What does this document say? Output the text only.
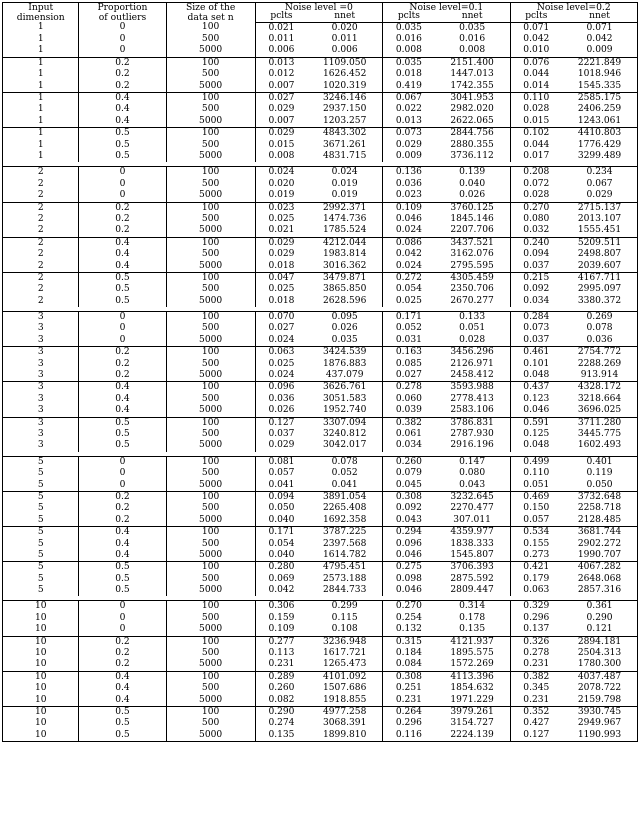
Input
dimension

Proportion
of outliers

Size of the
data set n
	Noise level =0	Noise level=0.1	Noise level=0.2
			pclts	nnet	pclts	nnet	pclts	nnet
1	0	100	0.021	0.020	0.035	0.035	0.071	0.071
1	0	500	0.011	0.011	0.016	0.016	0.042	0.042
1	0	5000	0.006	0.006	0.008	0.008	0.010	0.009
1	0.2	100	0.013	1109.050	0.035	2151.400	0.076	2221.849
1	0.2	500	0.012	1626.452	0.018	1447.013	0.044	1018.946
1	0.2	5000	0.007	1020.319	0.419	1742.355	0.014	1545.335
1	0.4	100	0.027	3246.146	0.067	3041.953	0.110	2585.175
1	0.4	500	0.029	2937.150	0.022	2982.020	0.028	2406.259
1	0.4	5000	0.007	1203.257	0.013	2622.065	0.015	1243.061
1	0.5	100	0.029	4843.302	0.073	2844.756	0.102	4410.803
1	0.5	500	0.015	3671.261	0.029	2880.355	0.044	1776.429
1	0.5	5000	0.008	4831.715	0.009	3736.112	0.017	3299.489

2	0	100	0.024	0.024	0.136	0.139	0.208	0.234
2	0	500	0.020	0.019	0.036	0.040	0.072	0.067
2	0	5000	0.019	0.019	0.023	0.026	0.028	0.029
2	0.2	100	0.023	2992.371	0.109	3760.125	0.270	2715.137
2	0.2	500	0.025	1474.736	0.046	1845.146	0.080	2013.107
2	0.2	5000	0.021	1785.524	0.024	2207.706	0.032	1555.451
2	0.4	100	0.029	4212.044	0.086	3437.521	0.240	5209.511
2	0.4	500	0.029	1983.814	0.042	3162.076	0.094	2498.807
2	0.4	5000	0.018	3016.362	0.024	2795.595	0.037	2039.607
2	0.5	100	0.047	3479.871	0.272	4305.459	0.215	4167.711
2	0.5	500	0.025	3865.850	0.054	2350.706	0.092	2995.097
2	0.5	5000	0.018	2628.596	0.025	2670.277	0.034	3380.372

3	0	100	0.070	0.095	0.171	0.133	0.284	0.269
3	0	500	0.027	0.026	0.052	0.051	0.073	0.078
3	0	5000	0.024	0.035	0.031	0.028	0.037	0.036
3	0.2	100	0.063	3424.539	0.163	3456.296	0.461	2754.772
3	0.2	500	0.025	1876.883	0.085	2126.971	0.101	2288.269
3	0.2	5000	0.024	437.079	0.027	2458.412	0.048	913.914
3	0.4	100	0.096	3626.761	0.278	3593.988	0.437	4328.172
3	0.4	500	0.036	3051.583	0.060	2778.413	0.123	3218.664
3	0.4	5000	0.026	1952.740	0.039	2583.106	0.046	3696.025
3	0.5	100	0.127	3307.094	0.382	3786.831	0.591	3711.280
3	0.5	500	0.037	3240.812	0.061	2787.930	0.125	3445.775
3	0.5	5000	0.029	3042.017	0.034	2916.196	0.048	1602.493

5	0	100	0.081	0.078	0.260	0.147	0.499	0.401
5	0	500	0.057	0.052	0.079	0.080	0.110	0.119
5	0	5000	0.041	0.041	0.045	0.043	0.051	0.050
5	0.2	100	0.094	3891.054	0.308	3232.645	0.469	3732.648
5	0.2	500	0.050	2265.408	0.092	2270.477	0.150	2258.718
5	0.2	5000	0.040	1692.358	0.043	307.011	0.057	2128.485
5	0.4	100	0.171	3787.225	0.294	4359.977	0.534	3681.744
5	0.4	500	0.054	2397.568	0.096	1838.333	0.155	2902.272
5	0.4	5000	0.040	1614.782	0.046	1545.807	0.273	1990.707
5	0.5	100	0.280	4795.451	0.275	3706.393	0.421	4067.282
5	0.5	500	0.069	2573.188	0.098	2875.592	0.179	2648.068
5	0.5	5000	0.042	2844.733	0.046	2809.447	0.063	2857.316

10	0	100	0.306	0.299	0.270	0.314	0.329	0.361
10	0	500	0.159	0.115	0.254	0.178	0.296	0.290
10	0	5000	0.109	0.108	0.132	0.135	0.137	0.121
10	0.2	100	0.277	3236.948	0.315	4121.937	0.326	2894.181
10	0.2	500	0.113	1617.721	0.184	1895.575	0.278	2504.313
10	0.2	5000	0.231	1265.473	0.084	1572.269	0.231	1780.300
10	0.4	100	0.289	4101.092	0.308	4113.396	0.382	4037.487
10	0.4	500	0.260	1507.686	0.251	1854.632	0.345	2078.722
10	0.4	5000	0.082	1918.855	0.231	1971.229	0.231	2159.798
10	0.5	100	0.290	4977.258	0.264	3979.261	0.352	3930.745
10	0.5	500	0.274	3068.391	0.296	3154.727	0.427	2949.967
10	0.5	5000	0.135	1899.810	0.116	2224.139	0.127	1190.993
